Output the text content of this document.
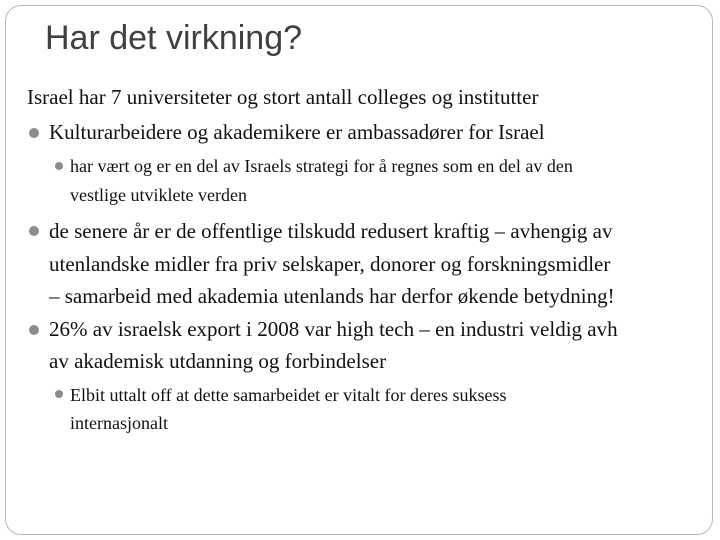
Har det virkning?
Israel har 7 universiteter og stort antall colleges og institutter
Kulturarbeidere og akademikere er ambassadører for Israel
har vært og er en del av Israels strategi for å regnes som en del av den
vestlige utviklete verden
de senere år er de offentlige tilskudd redusert kraftig – avhengig av
utenlandske midler fra priv selskaper, donorer og forskningsmidler
– samarbeid med akademia utenlands har derfor økende betydning!
26% av israelsk export i 2008 var high tech – en industri veldig avh
av akademisk utdanning og forbindelser
Elbit uttalt off at dette samarbeidet er vitalt for deres suksess
internasjonalt
